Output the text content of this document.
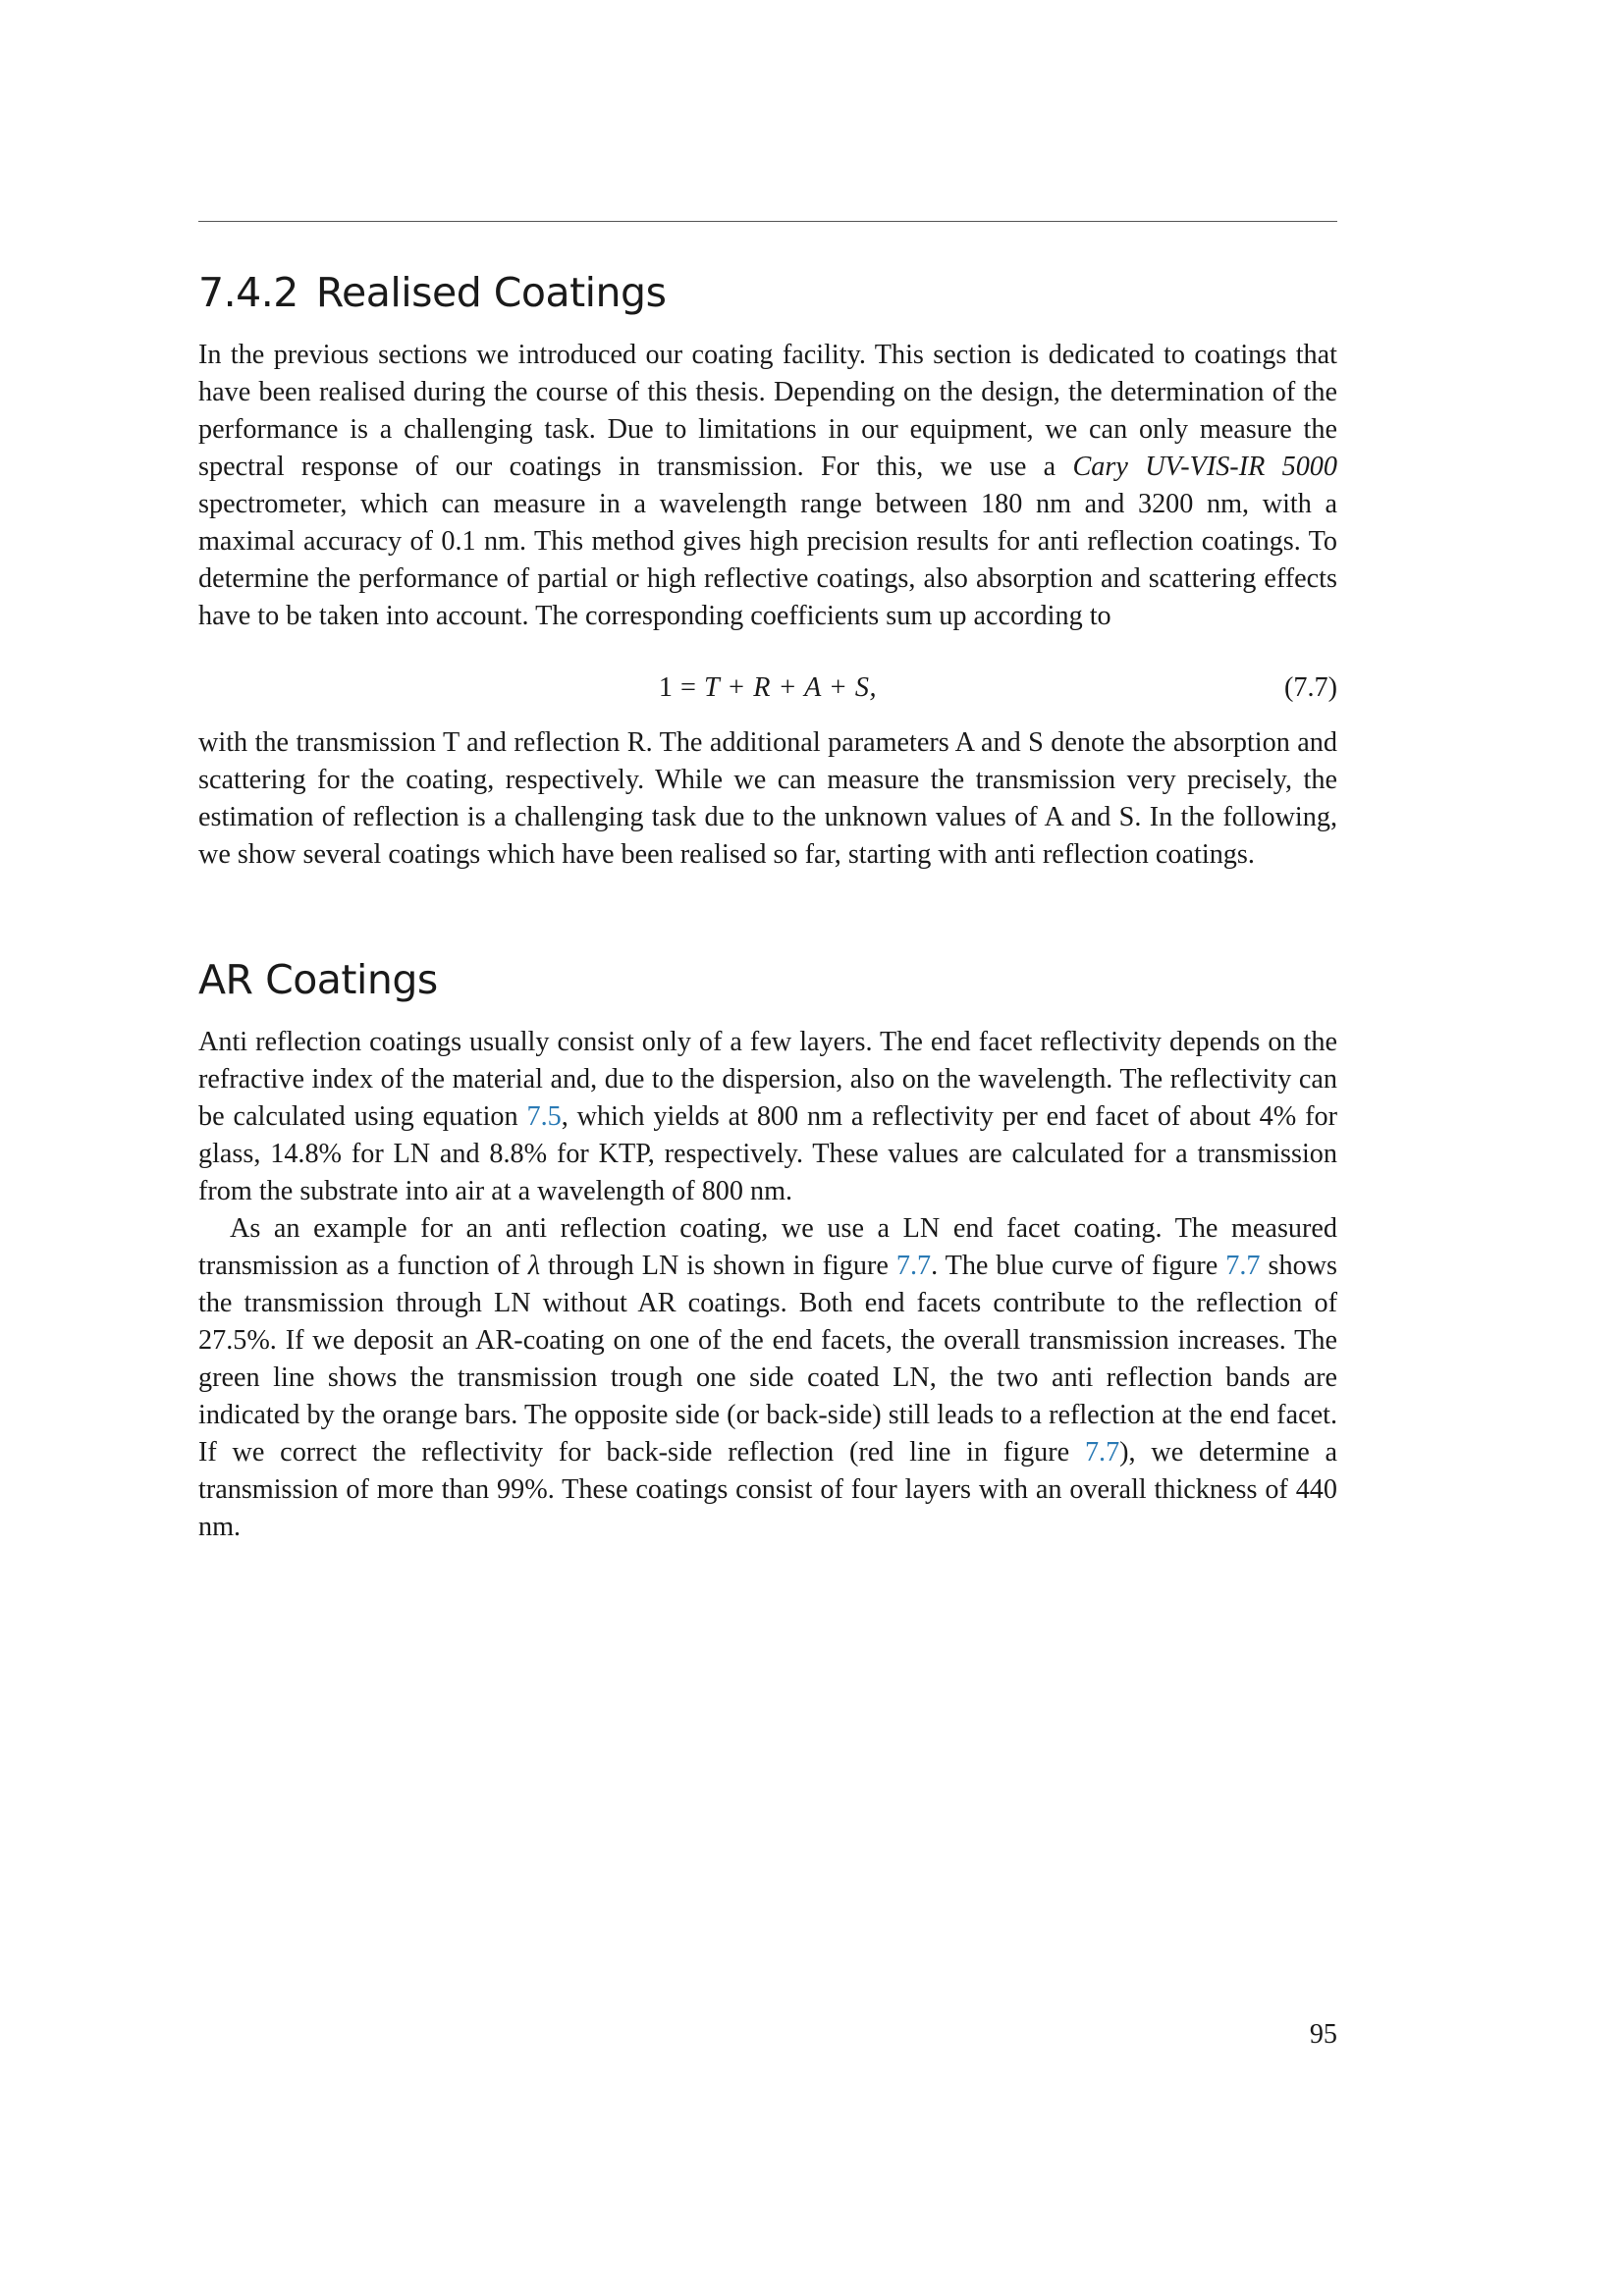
7.4.2 Realised Coatings

In the previous sections we introduced our coating facility. This section is dedicated to coatings that have been realised during the course of this thesis. Depending on the design, the determination of the performance is a challenging task. Due to limitations in our equipment, we can only measure the spectral response of our coatings in transmission. For this, we use a Cary UV-VIS-IR 5000 spectrometer, which can measure in a wavelength range between 180 nm and 3200 nm, with a maximal accuracy of 0.1 nm. This method gives high precision results for anti reflection coatings. To determine the performance of partial or high reflective coatings, also absorption and scattering effects have to be taken into account. The corresponding coefficients sum up according to

1 = T + R + A + S,	(7.7)

with the transmission T and reflection R. The additional parameters A and S denote the absorption and scattering for the coating, respectively. While we can measure the transmission very precisely, the estimation of reflection is a challenging task due to the unknown values of A and S. In the following, we show several coatings which have been realised so far, starting with anti reflection coatings.

AR Coatings

Anti reflection coatings usually consist only of a few layers. The end facet reflectivity depends on the refractive index of the material and, due to the dispersion, also on the wavelength. The reflectivity can be calculated using equation 7.5, which yields at 800 nm a reflectivity per end facet of about 4% for glass, 14.8% for LN and 8.8% for KTP, respectively. These values are calculated for a transmission from the substrate into air at a wavelength of 800 nm.

As an example for an anti reflection coating, we use a LN end facet coating. The measured transmission as a function of λ through LN is shown in figure 7.7. The blue curve of figure 7.7 shows the transmission through LN without AR coatings. Both end facets contribute to the reflection of 27.5%. If we deposit an AR-coating on one of the end facets, the overall transmission increases. The green line shows the transmission trough one side coated LN, the two anti reflection bands are indicated by the orange bars. The opposite side (or back-side) still leads to a reflection at the end facet. If we correct the reflectivity for back-side reflection (red line in figure 7.7), we determine a transmission of more than 99%. These coatings consist of four layers with an overall thickness of 440 nm.

95
